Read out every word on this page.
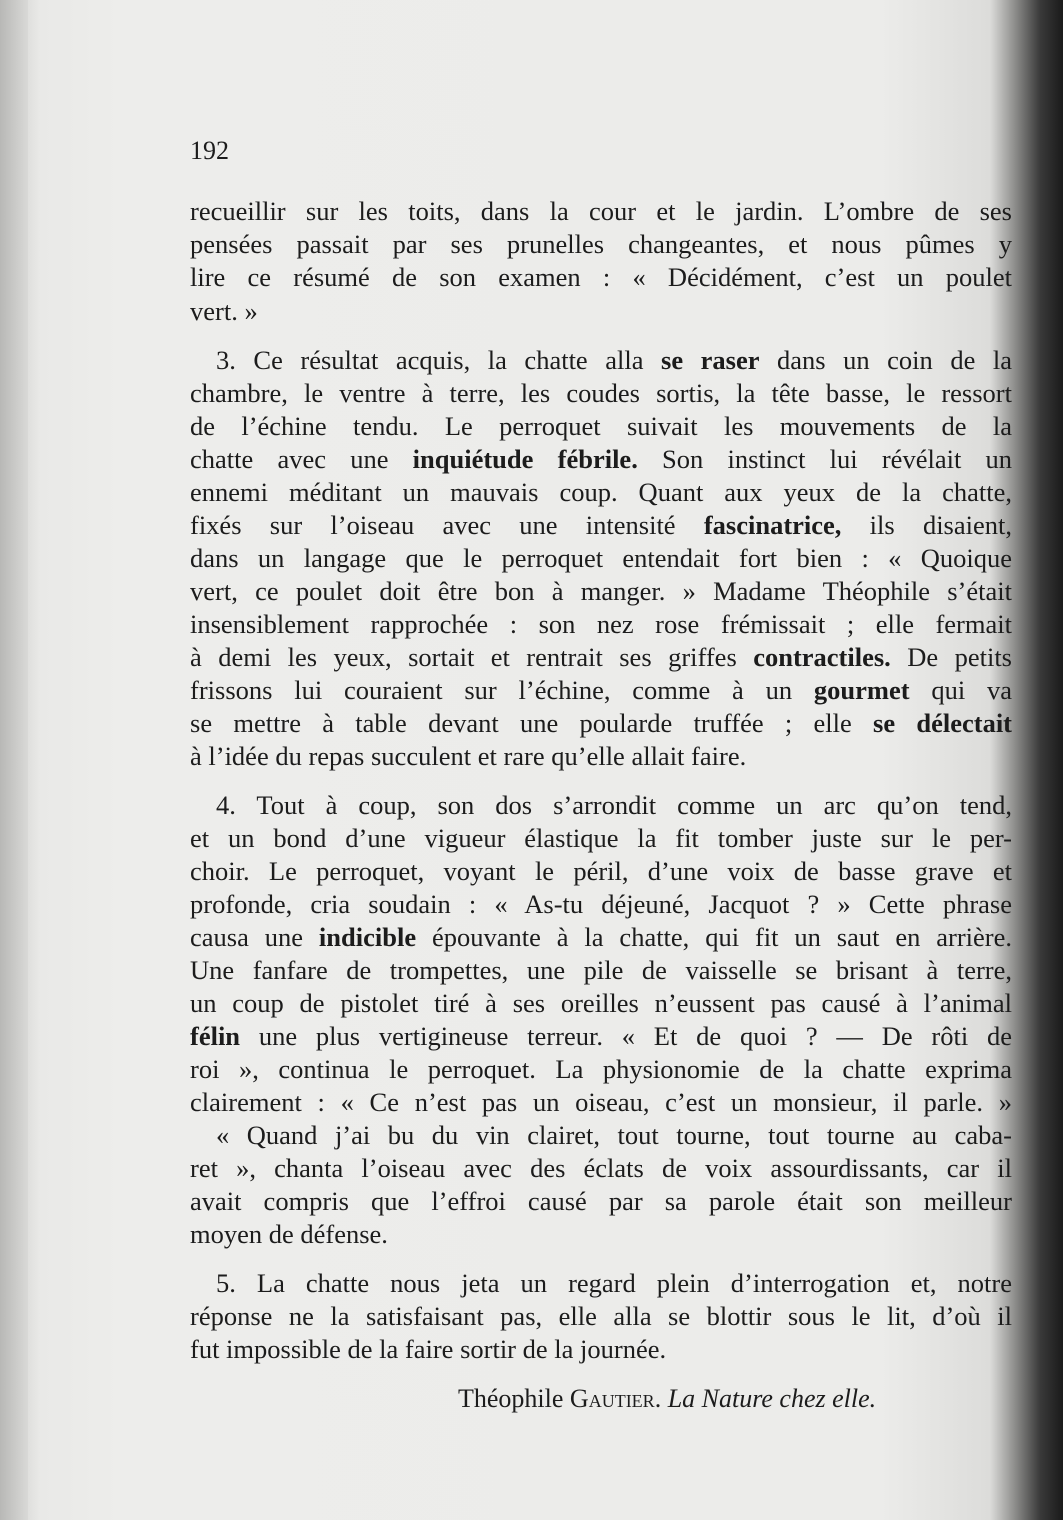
192
recueillir sur les toits, dans la cour et le jardin. L’ombre de ses
pensées passait par ses prunelles changeantes, et nous pûmes y
lire ce résumé de son examen : « Décidément, c’est un poulet
vert. »
3. Ce résultat acquis, la chatte alla se raser dans un coin de la
chambre, le ventre à terre, les coudes sortis, la tête basse, le ressort
de l’échine tendu. Le perroquet suivait les mouvements de la
chatte avec une inquiétude fébrile. Son instinct lui révélait un
ennemi méditant un mauvais coup. Quant aux yeux de la chatte,
fixés sur l’oiseau avec une intensité fascinatrice, ils disaient,
dans un langage que le perroquet entendait fort bien : « Quoique
vert, ce poulet doit être bon à manger. » Madame Théophile s’était
insensiblement rapprochée : son nez rose frémissait ; elle fermait
à demi les yeux, sortait et rentrait ses griffes contractiles. De petits
frissons lui couraient sur l’échine, comme à un gourmet qui va
se mettre à table devant une poularde truffée ; elle se délectait
à l’idée du repas succulent et rare qu’elle allait faire.
4. Tout à coup, son dos s’arrondit comme un arc qu’on tend,
et un bond d’une vigueur élastique la fit tomber juste sur le per-
choir. Le perroquet, voyant le péril, d’une voix de basse grave et
profonde, cria soudain : « As-tu déjeuné, Jacquot ? » Cette phrase
causa une indicible épouvante à la chatte, qui fit un saut en arrière.
Une fanfare de trompettes, une pile de vaisselle se brisant à terre,
un coup de pistolet tiré à ses oreilles n’eussent pas causé à l’animal
félin une plus vertigineuse terreur. « Et de quoi ? — De rôti de
roi », continua le perroquet. La physionomie de la chatte exprima
clairement : « Ce n’est pas un oiseau, c’est un monsieur, il parle. »
« Quand j’ai bu du vin clairet, tout tourne, tout tourne au caba-
ret », chanta l’oiseau avec des éclats de voix assourdissants, car il
avait compris que l’effroi causé par sa parole était son meilleur
moyen de défense.
5. La chatte nous jeta un regard plein d’interrogation et, notre
réponse ne la satisfaisant pas, elle alla se blottir sous le lit, d’où il
fut impossible de la faire sortir de la journée.
Théophile Gautier. La Nature chez elle.
